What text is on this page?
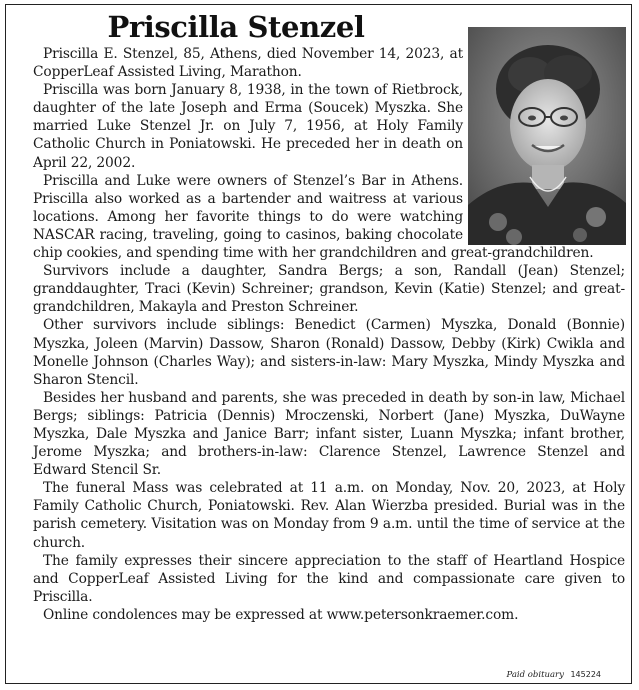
Priscilla Stenzel

Priscilla E. Stenzel, 85, Athens, died November 14, 2023, at CopperLeaf Assisted Living, Marathon.

Priscilla was born January 8, 1938, in the town of Rietbrock, daughter of the late Joseph and Erma (Soucek) Myszka. She married Luke Stenzel Jr. on July 7, 1956, at Holy Family Catholic Church in Poniatowski. He preceded her in death on April 22, 2002.

Priscilla and Luke were owners of Stenzel’s Bar in Athens. Priscilla also worked as a bartender and waitress at various locations. Among her favorite things to do were watching NASCAR racing, traveling, going to casinos, baking chocolate chip cookies, and spending time with her grandchildren and great-grandchildren.

Survivors include a daughter, Sandra Bergs; a son, Randall (Jean) Stenzel; granddaughter, Traci (Kevin) Schreiner; grandson, Kevin (Katie) Stenzel; and great-grandchildren, Makayla and Preston Schreiner.

Other survivors include siblings: Benedict (Carmen) Myszka, Donald (Bonnie) Myszka, Joleen (Marvin) Dassow, Sharon (Ronald) Dassow, Debby (Kirk) Cwikla and Monelle Johnson (Charles Way); and sisters-in-law: Mary Myszka, Mindy Myszka and Sharon Stencil.

Besides her husband and parents, she was preceded in death by son-in law, Michael Bergs; siblings: Patricia (Dennis) Mroczenski, Norbert (Jane) Myszka, DuWayne Myszka, Dale Myszka and Janice Barr; infant sister, Luann Myszka; infant brother, Jerome Myszka; and brothers-in-law: Clarence Stenzel, Lawrence Stenzel and Edward Stencil Sr.

The funeral Mass was celebrated at 11 a.m. on Monday, Nov. 20, 2023, at Holy Family Catholic Church, Poniatowski. Rev. Alan Wierzba presided. Burial was in the parish cemetery. Visitation was on Monday from 9 a.m. until the time of service at the church.

The family expresses their sincere appreciation to the staff of Heartland Hospice and CopperLeaf Assisted Living for the kind and compassionate care given to Priscilla.

Online condolences may be expressed at www.petersonkraemer.com.

Paid obituary 145224
